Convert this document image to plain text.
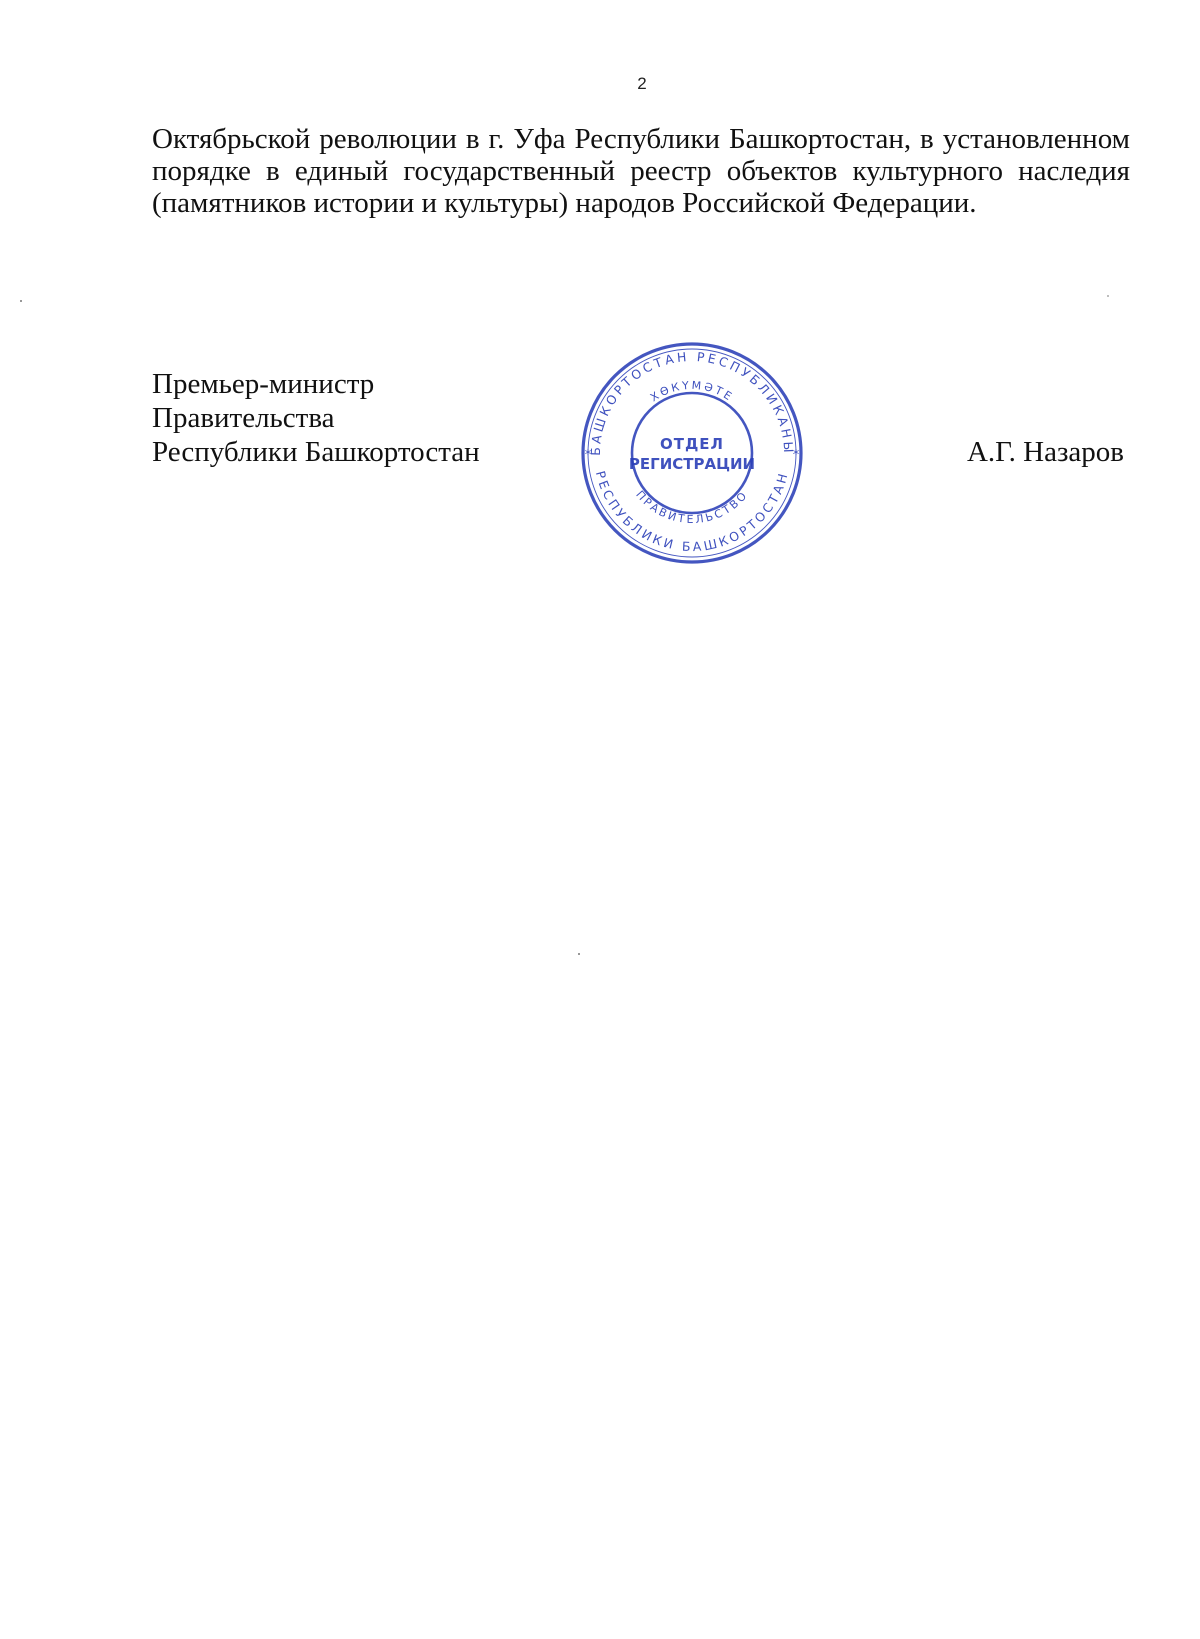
2

Октябрьской революции в г. Уфа Республики Башкортостан, в установленном порядке в единый государственный реестр объектов культурного наследия (памятников истории и культуры) народов Российской Федерации.

Премьер-министр
Правительства
Республики Башкортостан	А.Г. Назаров
БАШКОРТОСТАН РЕСПУБЛИКАНЫ
РЕСПУБЛИКИ БАШКОРТОСТАН
ХӨКҮМӘТЕ
ПРАВИТЕЛЬСТВО
ОТДЕЛ
РЕГИСТРАЦИИ
*	*
